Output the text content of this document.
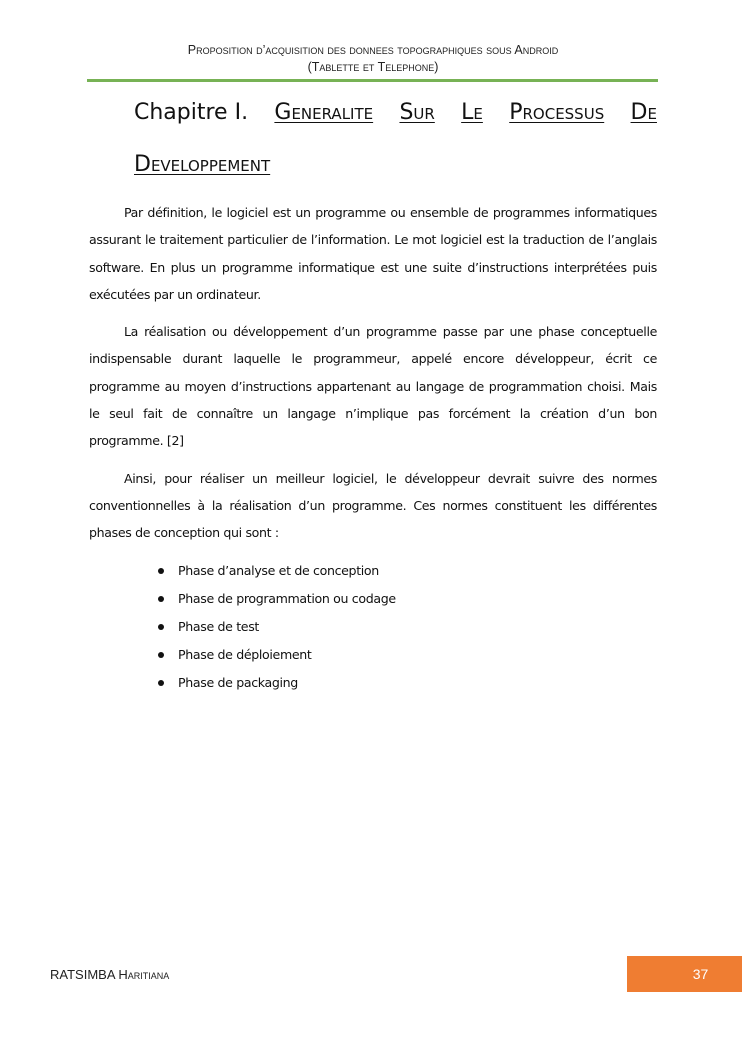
Proposition d’acquisition des donnees topographiques sous Android
(Tablette et Telephone)
Chapitre I. Generalite Sur Le Processus De
Developpement

Par définition, le logiciel est un programme ou ensemble de programmes informatiques assurant le traitement particulier de l’information. Le mot logiciel est la traduction de l’anglais software. En plus un programme informatique est une suite d’instructions interprétées puis exécutées par un ordinateur.

La réalisation ou développement d’un programme passe par une phase conceptuelle indispensable durant laquelle le programmeur, appelé encore développeur, écrit ce programme au moyen d’instructions appartenant au langage de programmation choisi. Mais le seul fait de connaître un langage n’implique pas forcément la création d’un bon programme. [2]

Ainsi, pour réaliser un meilleur logiciel, le développeur devrait suivre des normes conventionnelles à la réalisation d’un programme. Ces normes constituent les différentes phases de conception qui sont :

Phase d’analyse et de conception
Phase de programmation ou codage
Phase de test
Phase de déploiement
Phase de packaging
RATSIMBA Haritiana	37
